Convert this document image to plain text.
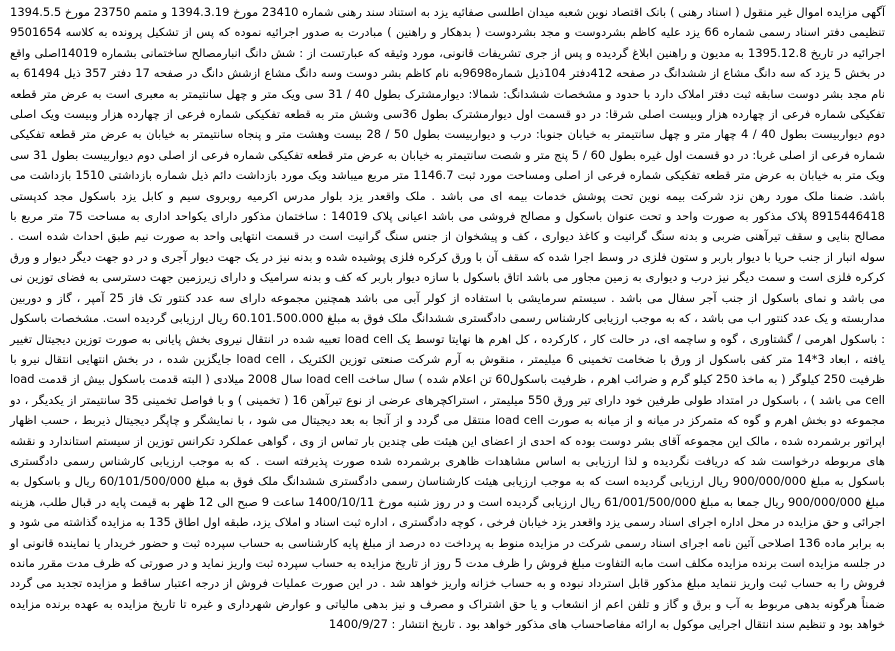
آگهی مزایده اموال غیر منقول ( اسناد رهنی ) بانک اقتصاد نوین شعبه میدان اطلسی صفائیه یزد به استناد سند رهنی شماره 23410 مورخ 1394.3.19 و متمم 23750 مورخ 1394.5.5 تنظیمی دفتر اسناد رسمی شماره 66 یزد علیه کاظم بشردوست و مجد بشردوست ( بدهکار و راهنین ) مبادرت به صدور اجرائیه نموده که پس از تشکیل پرونده به کلاسه 9501654 اجرائیه در تاریخ 1395.12.8 به مدیون و راهنین ابلاغ گردیده و پس از جری تشریفات قانونی، مورد وثیقه که عبارتست از : شش دانگ انبارمصالح ساختمانی بشماره 14019اصلی واقع در بخش 5 یزد که سه دانگ مشاع از ششدانگ در صفحه 412دفتر 104ذیل شماره9698به نام کاظم بشر دوست وسه دانگ مشاع ازشش دانگ در صفحه 17 دفتر 357 ذیل 61494 به نام مجد بشر دوست سابقه ثبت دفتر املاک دارد با حدود و مشخصات ششدانگ: شمالا: دیوارمشترک بطول 40 / 31 سی ویک متر و چهل سانتیمتر به معبری است به عرض متر قطعه تفکیکی شماره فرعی از چهارده هزار وبیست اصلی شرقا: در دو قسمت اول دیوارمشترک بطول 36سی وشش متر به قطعه تفکیکی شماره فرعی از چهارده هزار وبیست ویک اصلی دوم دیواربیست بطول 40 / 4 چهار متر و چهل سانتیمتر به خیابان جنوبا: درب و دیواربیست بطول 50 / 28 بیست وهشت متر و پنجاه سانتیمتر به خیابان به عرض متر قطعه تفکیکی شماره فرعی از اصلی غربا: در دو قسمت اول غیره بطول 60 / 5 پنج متر و شصت سانتیمتر به خیابان به عرض متر قطعه تفکیکی شماره فرعی از اصلی دوم دیواربیست بطول 31 سی ویک متر به خیابان به عرض متر قطعه تفکیکی شماره فرعی از اصلی ومساحت مورد ثبت 1146.7 متر مربع میباشد ویک مورد بازداشت دائم ذیل شماره بازداشتی 1510 بازداشت می باشد. ضمنا ملک مورد رهن نزد شرکت بیمه نوین تحت پوشش خدمات بیمه ای می باشد . ملک واقعدر یزد بلوار مدرس اکرمیه روبروی سیم و کابل یزد باسکول مجد کدپستی 8915446418 پلاک مذکور به صورت واحد و تحت عنوان باسکول و مصالح فروشی می باشد اعیانی پلاک 14019 : ساختمان مذکور دارای یکواحد اداری به مساحت 75 متر مربع با مصالح بنایی و سقف تیرآهنی ضربی و بدنه سنگ گرانیت و کاغذ دیواری ، کف و پیشخوان از جنس سنگ گرانیت است در قسمت انتهایی واحد به صورت نیم طبق احداث شده است . سوله انبار از جنب حریا با دیوار باربر و ستون فلزی در وسط اجرا شده که سقف آن با ورق کرکره فلزی پوشیده شده و بدنه نیز در یک جهت دیوار آجری و در دو جهت دیگر دیوار و ورق کرکره فلزی است و سمت دیگر نیز درب و دیواری به زمین مجاور می باشد اتاق باسکول با سازه دیوار باربر که کف و بدنه سرامیک و دارای زیرزمین جهت دسترسی به فضای توزین نی می باشد و نمای باسکول از جنب آجر سفال می باشد . سیستم سرمایشی با استفاده از کولر آبی می باشد همچنین مجموعه دارای سه عدد کنتور تک فاز 25 آمپر ، گاز و دوربین مداربسته و یک عدد کنتور اب می باشد ، که به موجب ارزیابی کارشناس رسمی دادگستری ششدانگ ملک فوق به مبلغ 60.101.500.000 ریال ارزیابی گردیده است. مشخصات باسکول : باسکول اهرمی / گشتاوری ، گوه و ساچمه ای، در حالت کار ، کارکرده ، کل اهرم ها نهایتا توسط یک load cell تعبیه شده در انتقال نیروی بخش پایانی به صورت توزین دیجیتال تغییر یافته ، ابعاد 3*14 متر کفی باسکول از ورق با ضخامت تخمینی 6 میلیمتر ، منقوش به آرم شرکت صنعتی توزین الکتریک ، load cell جایگزین شده ، در بخش انتهایی انتقال نیرو با ظرفیت 250 کیلوگر ( به ماخذ 250 کیلو گرم و ضرائب اهرم ، ظرفیت باسکول60 تن اعلام شده ) سال ساخت load cell سال 2008 میلادی ( البته قدمت باسکول بیش از قدمت load cell می باشد ) ، باسکول در امتداد طولی طرفین خود دارای تیر ورق 550 میلیمتر ، استراکچرهای عرضی از نوع تیرآهن 16 ( تخمینی ) و با فواصل تخمینی 35 سانتیمتر از یکدیگر ، دو مجموعه دو بخش اهرم و گوه که متمرکز در میانه و از میانه به صورت load cell منتقل می گردد و از آنجا به بعد دیجیتال می شود ، با نمایشگر و چاپگر دیجیتال ذیربط ، حسب اظهار اپراتور برشمرده شده ، مالک این مجموعه آقای بشر دوست بوده که احدی از اعضای این هیئت طی چندین بار تماس از وی ، گواهی عملکرد تکرانس توزین از سیستم استاندارد و نقشه های مربوطه درخواست شد که دریافت نگردیده و لذا ارزیابی به اساس مشاهدات ظاهری برشمرده شده صورت پذیرفته است . که به موجب ارزیابی کارشناس رسمی دادگستری باسکول به مبلغ 900/000/000 ریال ارزیابی گردیده است که به موجب ارزیابی هیئت کارشناسان رسمی دادگستری ششدانگ ملک فوق به مبلغ 60/101/500/000 ریال و باسکول به مبلغ 900/000/000 ریال جمعا به مبلغ 61/001/500/000 ریال ارزیابی گردیده است و در روز شنبه مورخ 1400/10/11 ساعت 9 صبح الی 12 ظهر به قیمت پایه در قبال طلب، هزینه اجرائی و حق مزایده در محل اداره اجرای اسناد رسمی یزد واقعدر یزد خیابان فرخی ، کوچه دادگستری ، اداره ثبت اسناد و املاک یزد، طبقه اول اطاق 135 به مزایده گذاشته می شود و به برابر ماده 136 اصلاحی آئین نامه اجرای اسناد رسمی شرکت در مزایده منوط به پرداخت ده درصد از مبلغ پایه کارشناسی به حساب سپرده ثبت و حضور خریدار یا نماینده قانونی او در جلسه مزایده است برنده مزایده مکلف است مابه التفاوت مبلغ فروش را ظرف مدت 5 روز از تاریخ مزایده به حساب سپرده ثبت واریز نماید و در صورتی که ظرف مدت مقرر مانده فروش را به حساب ثبت واریز ننماید مبلغ مذکور قابل استرداد نبوده و به حساب خزانه واریز خواهد شد . در این صورت عملیات فروش از درجه اعتبار ساقط و مزایده تجدید می گردد ضمناً هرگونه بدهی مربوط به آب و برق و گاز و تلفن اعم از انشعاب و یا حق اشتراک و مصرف و نیز بدهی مالیاتی و عوارض شهرداری و غیره تا تاریخ مزایده به عهده برنده مزایده خواهد بود و تنظیم سند انتقال اجرایی موکول به ارائه مفاصاحساب های مذکور خواهد بود . تاریخ انتشار : 1400/9/27
